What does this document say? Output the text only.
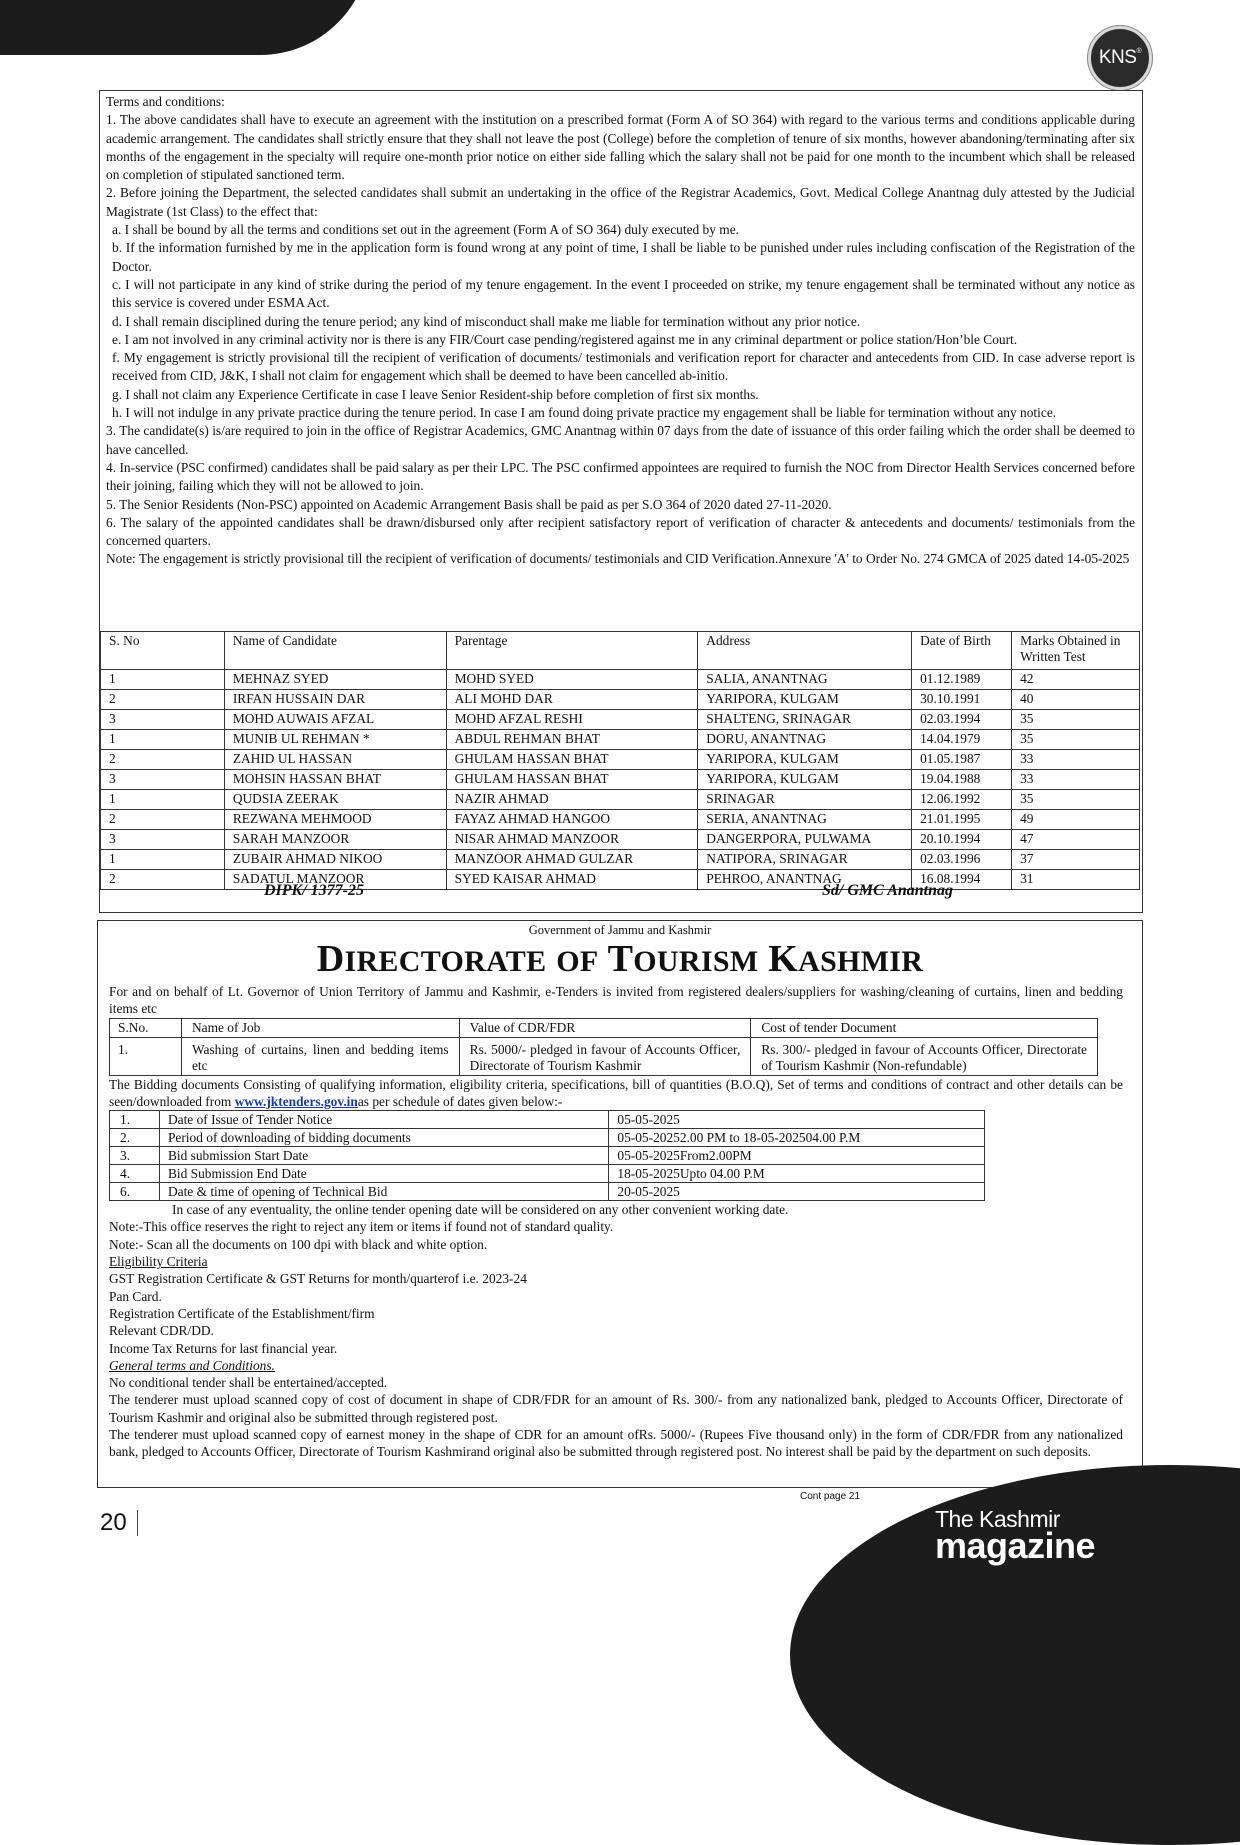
KNS®

Terms and conditions:

1. The above candidates shall have to execute an agreement with the institution on a prescribed format (Form A of SO 364) with regard to the various terms and conditions applicable during academic arrangement. The candidates shall strictly ensure that they shall not leave the post (College) before the completion of tenure of six months, however abandoning/terminating after six months of the engagement in the specialty will require one-month prior notice on either side falling which the salary shall not be paid for one month to the incumbent which shall be released on completion of stipulated sanctioned term.

2. Before joining the Department, the selected candidates shall submit an undertaking in the office of the Registrar Academics, Govt. Medical College Anantnag duly attested by the Judicial Magistrate (1st Class) to the effect that:

a. I shall be bound by all the terms and conditions set out in the agreement (Form A of SO 364) duly executed by me.

b. If the information furnished by me in the application form is found wrong at any point of time, I shall be liable to be punished under rules including confiscation of the Registration of the Doctor.

c. I will not participate in any kind of strike during the period of my tenure engagement. In the event I proceeded on strike, my tenure engagement shall be terminated without any notice as this service is covered under ESMA Act.

d. I shall remain disciplined during the tenure period; any kind of misconduct shall make me liable for termination without any prior notice.

e. I am not involved in any criminal activity nor is there is any FIR/Court case pending/registered against me in any criminal department or police station/Hon’ble Court.

f. My engagement is strictly provisional till the recipient of verification of documents/ testimonials and verification report for character and antecedents from CID. In case adverse report is received from CID, J&K, I shall not claim for engagement which shall be deemed to have been cancelled ab-initio.

g. I shall not claim any Experience Certificate in case I leave Senior Resident-ship before completion of first six months.

h. I will not indulge in any private practice during the tenure period. In case I am found doing private practice my engagement shall be liable for termination without any notice.

3. The candidate(s) is/are required to join in the office of Registrar Academics, GMC Anantnag within 07 days from the date of issuance of this order failing which the order shall be deemed to have cancelled.

4. In-service (PSC confirmed) candidates shall be paid salary as per their LPC. The PSC confirmed appointees are required to furnish the NOC from Director Health Services concerned before their joining, failing which they will not be allowed to join.

5. The Senior Residents (Non-PSC) appointed on Academic Arrangement Basis shall be paid as per S.O 364 of 2020 dated 27-11-2020.

6. The salary of the appointed candidates shall be drawn/disbursed only after recipient satisfactory report of verification of character & antecedents and documents/ testimonials from the concerned quarters.

Note: The engagement is strictly provisional till the recipient of verification of documents/ testimonials and CID Verification.Annexure 'A' to Order No. 274 GMCA of 2025 dated 14-05-2025

S. No	Name of Candidate	Parentage	Address	Date of Birth	Marks Obtained in Written Test
1	MEHNAZ SYED	MOHD SYED	SALIA, ANANTNAG	01.12.1989	42
2	IRFAN HUSSAIN DAR	ALI MOHD DAR	YARIPORA, KULGAM	30.10.1991	40
3	MOHD AUWAIS AFZAL	MOHD AFZAL RESHI	SHALTENG, SRINAGAR	02.03.1994	35
1	MUNIB UL REHMAN *	ABDUL REHMAN BHAT	DORU, ANANTNAG	14.04.1979	35
2	ZAHID UL HASSAN	GHULAM HASSAN BHAT	YARIPORA, KULGAM	01.05.1987	33
3	MOHSIN HASSAN BHAT	GHULAM HASSAN BHAT	YARIPORA, KULGAM	19.04.1988	33
1	QUDSIA ZEERAK	NAZIR AHMAD	SRINAGAR	12.06.1992	35
2	REZWANA MEHMOOD	FAYAZ AHMAD HANGOO	SERIA, ANANTNAG	21.01.1995	49
3	SARAH MANZOOR	NISAR AHMAD MANZOOR	DANGERPORA, PULWAMA	20.10.1994	47
1	ZUBAIR AHMAD NIKOO	MANZOOR AHMAD GULZAR	NATIPORA, SRINAGAR	02.03.1996	37
2	SADATUL MANZOOR	SYED KAISAR AHMAD	PEHROO, ANANTNAG	16.08.1994	31
DIPK/ 1377-25	Sd/ GMC Anantnag
Government of Jammu and Kashmir
DIRECTORATE OF TOURISM KASHMIR

For and on behalf of Lt. Governor of Union Territory of Jammu and Kashmir, e-Tenders is invited from registered dealers/suppliers for washing/cleaning of curtains, linen and bedding items etc

S.No.	Name of Job	Value of CDR/FDR	Cost of tender Document
1.	Washing of curtains, linen and bedding items etc	Rs. 5000/- pledged in favour of Accounts Officer, Directorate of Tourism Kashmir	Rs. 300/- pledged in favour of Accounts Officer, Directorate of Tourism Kashmir (Non-refundable)

The Bidding documents Consisting of qualifying information, eligibility criteria, specifications, bill of quantities (B.O.Q), Set of terms and conditions of contract and other details can be seen/downloaded from www.jktenders.gov.inas per schedule of dates given below:-

1.	Date of Issue of Tender Notice	05-05-2025
2.	Period of downloading of bidding documents	05-05-20252.00 PM to 18-05-202504.00 P.M
3.	Bid submission Start Date	05-05-2025From2.00PM
4.	Bid Submission End Date	18-05-2025Upto 04.00 P.M
6.	Date & time of opening of Technical Bid	20-05-2025

In case of any eventuality, the online tender opening date will be considered on any other convenient working date.

Note:-This office reserves the right to reject any item or items if found not of standard quality.

Note:- Scan all the documents on 100 dpi with black and white option.

Eligibility Criteria

GST Registration Certificate & GST Returns for month/quarterof i.e. 2023-24

Pan Card.

Registration Certificate of the Establishment/firm

Relevant CDR/DD.

Income Tax Returns for last financial year.

General terms and Conditions.

No conditional tender shall be entertained/accepted.

The tenderer must upload scanned copy of cost of document in shape of CDR/FDR for an amount of Rs. 300/- from any nationalized bank, pledged to Accounts Officer, Directorate of Tourism Kashmir and original also be submitted through registered post.

The tenderer must upload scanned copy of earnest money in the shape of CDR for an amount ofRs. 5000/- (Rupees Five thousand only) in the form of CDR/FDR from any nationalized bank, pledged to Accounts Officer, Directorate of Tourism Kashmirand original also be submitted through registered post. No interest shall be paid by the department on such deposits.

Cont page 21
20	The Kashmir
magazine
